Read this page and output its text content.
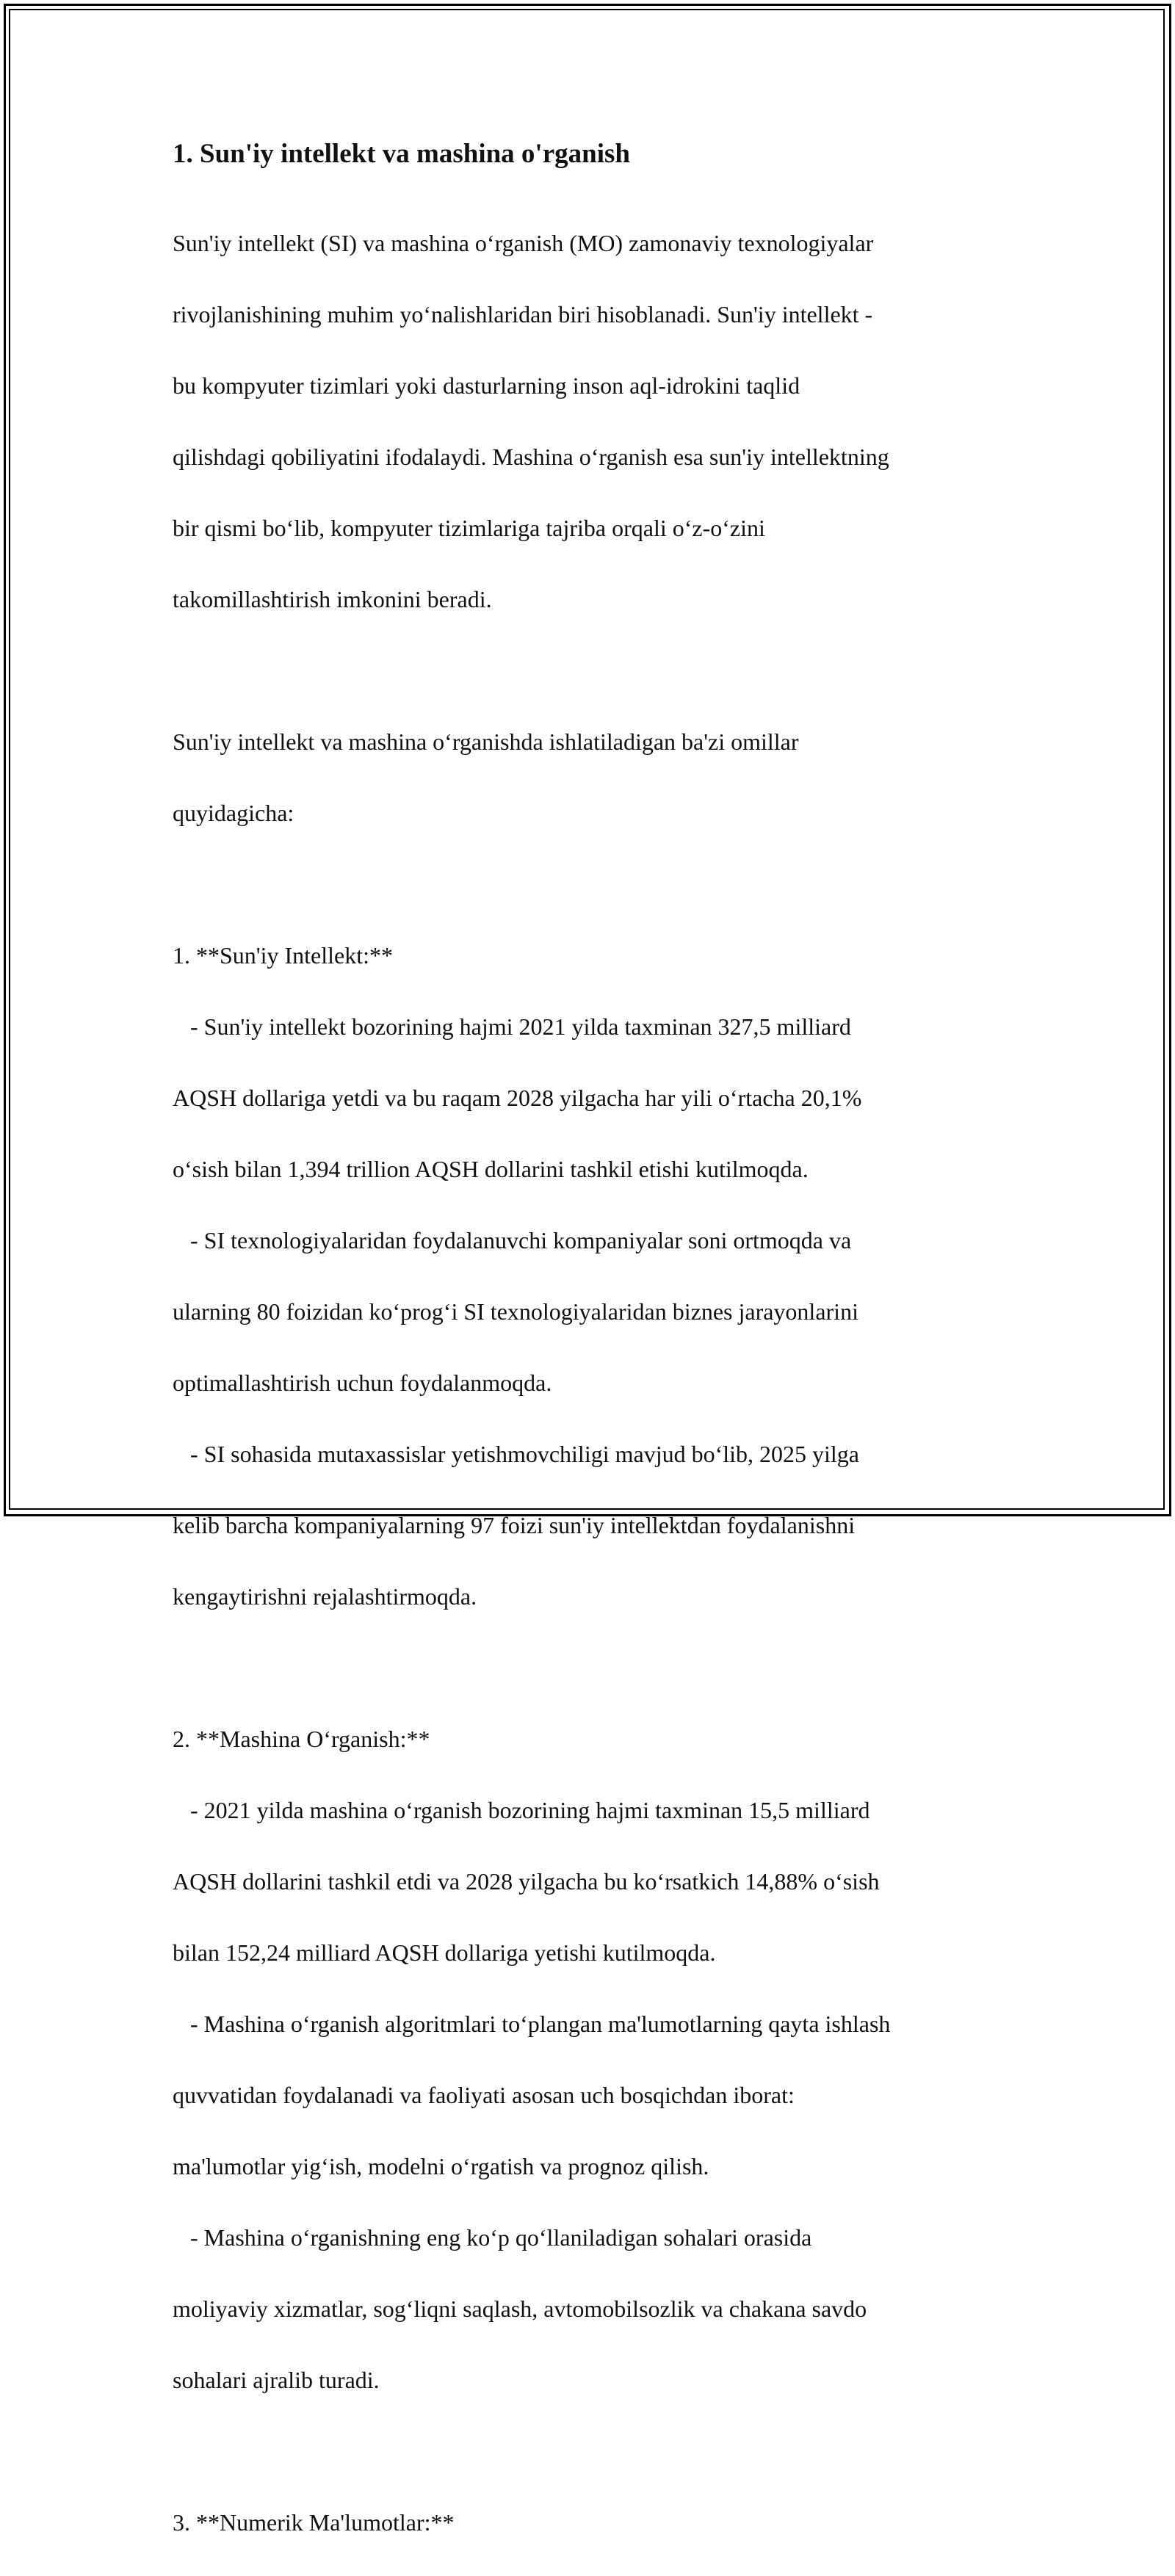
1. Sun'iy intellekt va mashina o'rganish

Sun'iy intellekt (SI) va mashina oʻrganish (MO) zamonaviy texnologiyalar

rivojlanishining muhim yoʻnalishlaridan biri hisoblanadi. Sun'iy intellekt -

bu kompyuter tizimlari yoki dasturlarning inson aql-idrokini taqlid

qilishdagi qobiliyatini ifodalaydi. Mashina oʻrganish esa sun'iy intellektning

bir qismi boʻlib, kompyuter tizimlariga tajriba orqali oʻz-oʻzini

takomillashtirish imkonini beradi.

Sun'iy intellekt va mashina oʻrganishda ishlatiladigan ba'zi omillar

quyidagicha:

1. **Sun'iy Intellekt:**

- Sun'iy intellekt bozorining hajmi 2021 yilda taxminan 327,5 milliard

AQSH dollariga yetdi va bu raqam 2028 yilgacha har yili oʻrtacha 20,1%

oʻsish bilan 1,394 trillion AQSH dollarini tashkil etishi kutilmoqda.

- SI texnologiyalaridan foydalanuvchi kompaniyalar soni ortmoqda va

ularning 80 foizidan koʻprogʻi SI texnologiyalaridan biznes jarayonlarini

optimallashtirish uchun foydalanmoqda.

- SI sohasida mutaxassislar yetishmovchiligi mavjud boʻlib, 2025 yilga

kelib barcha kompaniyalarning 97 foizi sun'iy intellektdan foydalanishni

kengaytirishni rejalashtirmoqda.

2. **Mashina Oʻrganish:**

- 2021 yilda mashina oʻrganish bozorining hajmi taxminan 15,5 milliard

AQSH dollarini tashkil etdi va 2028 yilgacha bu koʻrsatkich 14,88% oʻsish

bilan 152,24 milliard AQSH dollariga yetishi kutilmoqda.

- Mashina oʻrganish algoritmlari toʻplangan ma'lumotlarning qayta ishlash

quvvatidan foydalanadi va faoliyati asosan uch bosqichdan iborat:

ma'lumotlar yigʻish, modelni oʻrgatish va prognoz qilish.

- Mashina oʻrganishning eng koʻp qoʻllaniladigan sohalari orasida

moliyaviy xizmatlar, sogʻliqni saqlash, avtomobilsozlik va chakana savdo

sohalari ajralib turadi.

3. **Numerik Ma'lumotlar:**
